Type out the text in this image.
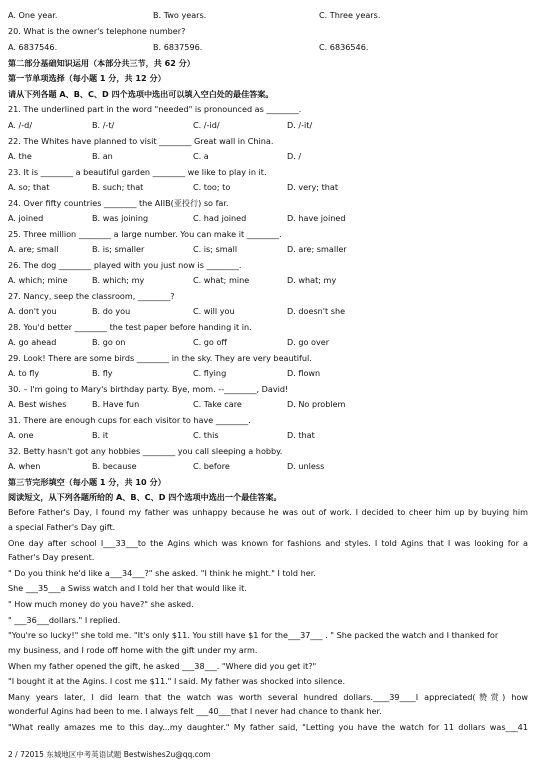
A. One year.	B. Two years.	C. Three years.
20. What is the owner's telephone number?
A. 6837546.	B. 6837596.	C. 6836546.
第二部分基础知识运用（本部分共三节，共 62 分）
第一节单项选择（每小题 1 分，共 12 分）
请从下列各题 A、B、C、D 四个选项中选出可以填入空白处的最佳答案。
21. The underlined part in the word "needed" is pronounced as ________.
A. /-d/	B. /-t/	C. /-id/	D. /-it/
22. The Whites have planned to visit ________ Great wall in China.
A. the	B. an	C. a	D. /
23. It is ________ a beautiful garden ________ we like to play in it.
A. so; that	B. such; that	C. too; to	D. very; that
24. Over fifty countries ________ the AIIB(亚投行) so far.
A. joined	B. was joining	C. had joined	D. have joined
25. Three million ________ a large number. You can make it ________.
A. are; small	B. is; smaller	C. is; small	D. are; smaller
26. The dog ________ played with you just now is ________.
A. which; mine	B. which; my	C. what; mine	D. what; my
27. Nancy, seep the classroom, ________?
A. don't you	B. do you	C. will you	D. doesn't she
28. You'd better ________ the test paper before handing it in.
A. go ahead	B. go on	C. go off	D. go over
29. Look! There are some birds ________ in the sky. They are very beautiful.
A. to fly	B. fly	C. flying	D. flown
30. – I'm going to Mary's birthday party. Bye, mom. --________, David!
A. Best wishes	B. Have fun	C. Take care	D. No problem
31. There are enough cups for each visitor to have ________.
A. one	B. it	C. this	D. that
32. Betty hasn't got any hobbies ________ you call sleeping a hobby.
A. when	B. because	C. before	D. unless
第三节完形填空（每小题 1 分，共 10 分）
阅读短文，从下列各题所给的 A、B、C、D 四个选项中选出一个最佳答案。
Before Father's Day, I found my father was unhappy because he was out of work. I decided to cheer him up by buying him
a special Father's Day gift.
One day after school I___33___to the Agins which was known for fashions and styles. I told Agins that I was looking for a
Father's Day present.
" Do you think he'd like a___34___?" she asked. "I think he might." I told her.
She ___35___a Swiss watch and I told her that would like it.
" How much money do you have?" she asked.
" ___36___dollars." I replied.
"You're so lucky!" she told me. "It's only $11. You still have $1 for the___37___ . " She packed the watch and I thanked for
my business, and I rode off home with the gift under my arm.
When my father opened the gift, he asked ___38___. "Where did you get it?"
"I bought it at the Agins. I cost me $11." I said. My father was shocked into silence.
Many years later, I did learn that the watch was worth several hundred dollars.____39____I appreciated(赞赏) how
wonderful Agins had been to me. I always felt ___40___that I never had chance to thank her.
"What really amazes me to this day...my daughter." My father said, "Letting you have the watch for 11 dollars was___41
2 / 72015 东城地区中考英语试题 Bestwishes2u@qq.com
